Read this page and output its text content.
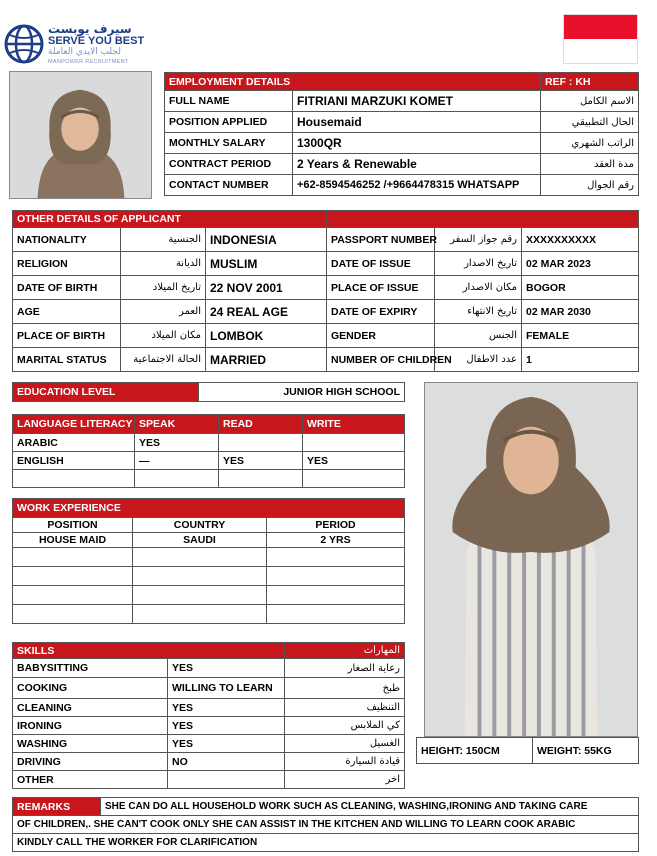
سيرف يوبست
SERVE YOU BEST
لجلب الايدي العاملة
MANPOWER RECRUITMENT
EMPLOYMENT DETAILS		REF : KH
FULL NAME	FITRIANI MARZUKI KOMET	الاسم الكامل
POSITION APPLIED	Housemaid	الحال التطبيقي
MONTHLY SALARY	1300QR	الراتب الشهري
CONTRACT PERIOD	2 Years & Renewable	مدة العقد
CONTACT NUMBER	+62-8594546252 /+9664478315 WHATSAPP	رقم الجوال
OTHER DETAILS OF APPLICANT					
NATIONALITY	الجنسية	INDONESIA	PASSPORT NUMBER	رقم جواز السفر	XXXXXXXXXX
RELIGION	الديانة	MUSLIM	DATE OF ISSUE	تاريخ الاصدار	02 MAR 2023
DATE OF BIRTH	تاريخ الميلاد	22 NOV 2001	PLACE OF ISSUE	مكان الاصدار	BOGOR
AGE	العمر	24 REAL AGE	DATE OF EXPIRY	تاريخ الانتهاء	02 MAR 2030
PLACE OF BIRTH	مكان الميلاد	LOMBOK	GENDER	الجنس	FEMALE
MARITAL STATUS	الحالة الاجتماعية	MARRIED	NUMBER OF CHILDREN	عدد الاطفال	1
EDUCATION LEVEL	JUNIOR HIGH SCHOOL
LANGUAGE LITERACY	SPEAK	READ	WRITE
ARABIC	YES		
ENGLISH	—	YES	YES

WORK EXPERIENCE		
POSITION	COUNTRY	PERIOD
HOUSE MAID	SAUDI	2 YRS

SKILLS		المهارات
BABYSITTING	YES	رعاية الصغار
COOKING	WILLING TO LEARN	طبخ
CLEANING	YES	التنظيف
IRONING	YES	كي الملابس
WASHING	YES	الغسيل
DRIVING	NO	قيادة السيارة
OTHER		اخر
HEIGHT: 150CM	WEIGHT: 55KG
REMARKS	SHE CAN DO ALL HOUSEHOLD WORK SUCH AS CLEANING, WASHING,IRONING AND TAKING CARE
OF CHILDREN,. SHE CAN'T COOK ONLY SHE CAN ASSIST IN THE KITCHEN AND WILLING TO LEARN COOK ARABIC
KINDLY CALL THE WORKER FOR CLARIFICATION
